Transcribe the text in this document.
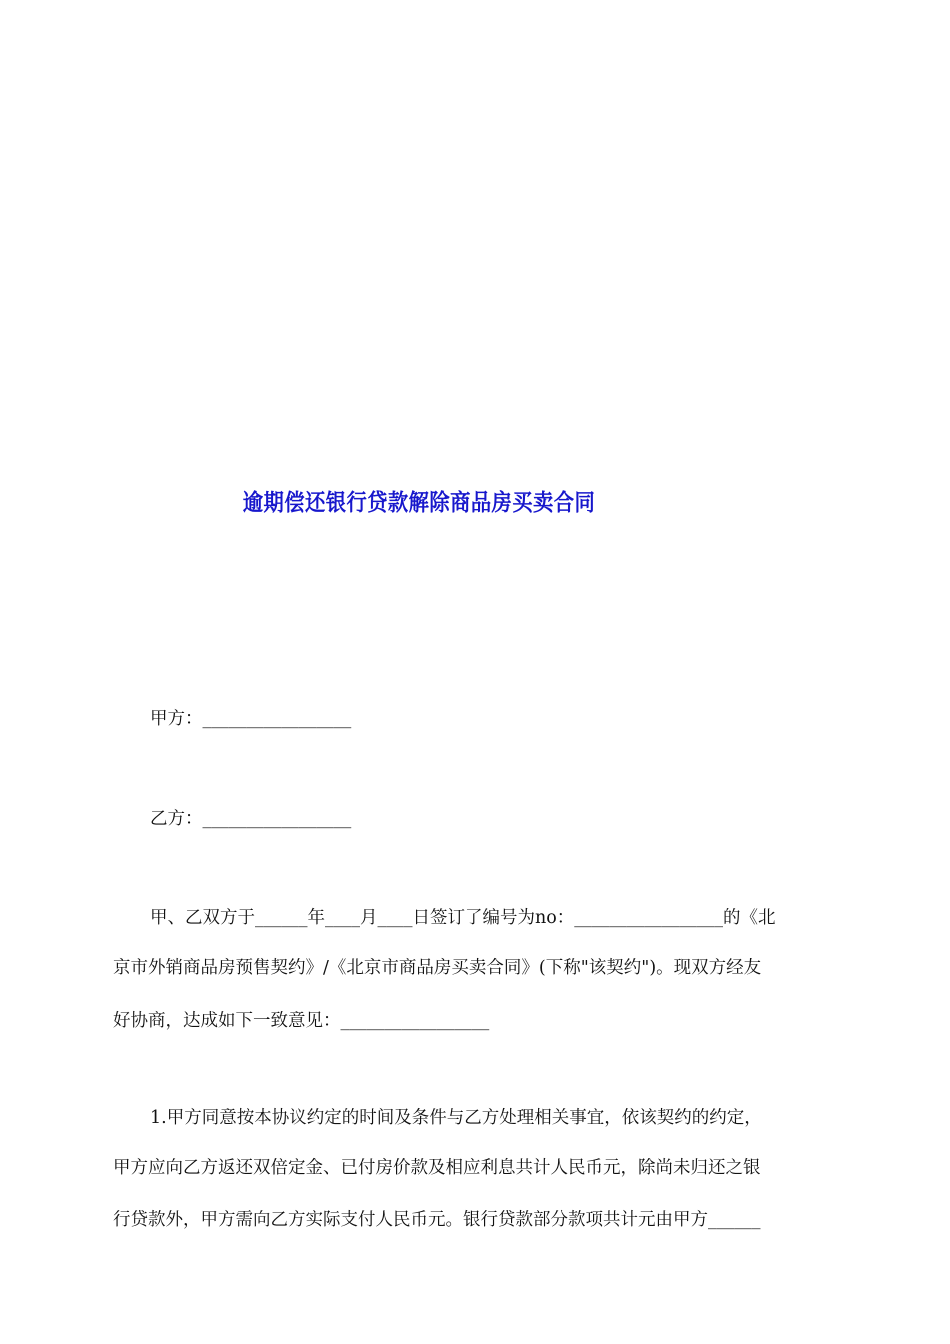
逾期偿还银行贷款解除商品房买卖合同
甲方：_________________
乙方：_________________
甲、乙双方于______年____月____日签订了编号为no：_________________的《北
京市外销商品房预售契约》/《北京市商品房买卖合同》(下称"该契约")。现双方经友
好协商，达成如下一致意见：_________________
1.甲方同意按本协议约定的时间及条件与乙方处理相关事宜，依该契约的约定，
甲方应向乙方返还双倍定金、已付房价款及相应利息共计人民币元，除尚未归还之银
行贷款外，甲方需向乙方实际支付人民币元。银行贷款部分款项共计元由甲方______
